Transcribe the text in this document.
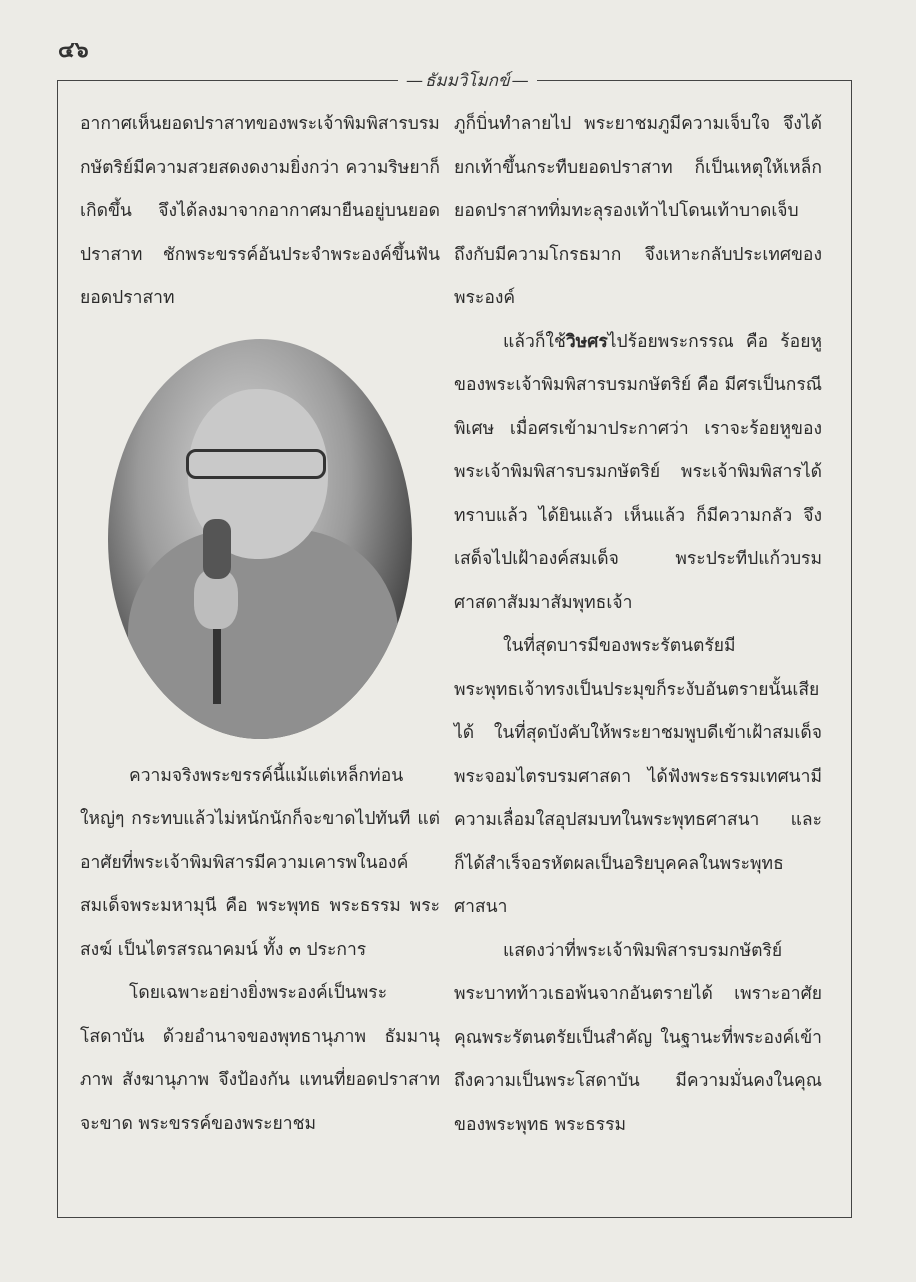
๔๖
— ธัมมวิโมกข์ —

อากาศเห็นยอดปราสาทของพระเจ้าพิมพิสารบรมกษัตริย์มีความสวยสดงดงามยิ่งกว่า ความริษยาก็เกิดขึ้น จึงได้ลงมาจากอากาศมายืนอยู่บนยอดปราสาท ชักพระขรรค์อันประจำพระองค์ขึ้นฟันยอดปราสาท

ความจริงพระขรรค์นี้แม้แต่เหล็กท่อนใหญ่ๆ กระทบแล้วไม่หนักนักก็จะขาดไปทันที แต่อาศัยที่พระเจ้าพิมพิสารมีความเคารพในองค์สมเด็จพระมหามุนี คือ พระพุทธ พระธรรม พระสงฆ์ เป็นไตรสรณาคมน์ ทั้ง ๓ ประการ

โดยเฉพาะอย่างยิ่งพระองค์เป็นพระโสดาบัน ด้วยอำนาจของพุทธานุภาพ ธัมมานุภาพ สังฆานุภาพ จึงป้องกัน แทนที่ยอดปราสาทจะขาด พระขรรค์ของพระยาชม

ภูก็บิ่นทำลายไป พระยาชมภูมีความเจ็บใจ จึงได้ยกเท้าขึ้นกระทืบยอดปราสาท ก็เป็นเหตุให้เหล็กยอดปราสาททิ่มทะลุรองเท้าไปโดนเท้าบาดเจ็บ ถึงกับมีความโกรธมาก จึงเหาะกลับประเทศของพระองค์

แล้วก็ใช้วิษศรไปร้อยพระกรรณ คือ ร้อยหูของพระเจ้าพิมพิสารบรมกษัตริย์ คือ มีศรเป็นกรณีพิเศษ เมื่อศรเข้ามาประกาศว่า เราจะร้อยหูของพระเจ้าพิมพิสารบรมกษัตริย์ พระเจ้าพิมพิสารได้ทราบแล้ว ได้ยินแล้ว เห็นแล้ว ก็มีความกลัว จึงเสด็จไปเฝ้าองค์สมเด็จ พระประทีปแก้วบรมศาสดาสัมมาสัมพุทธเจ้า

ในที่สุดบารมีของพระรัตนตรัยมีพระพุทธเจ้าทรงเป็นประมุขก็ระงับอันตรายนั้นเสียได้ ในที่สุดบังคับให้พระยาชมพูบดีเข้าเฝ้าสมเด็จพระจอมไตรบรมศาสดา ได้ฟังพระธรรมเทศนามีความเลื่อมใสอุปสมบทในพระพุทธศาสนา และก็ได้สำเร็จอรหัตผลเป็นอริยบุคคลในพระพุทธศาสนา

แสดงว่าที่พระเจ้าพิมพิสารบรมกษัตริย์พระบาทท้าวเธอพ้นจากอันตรายได้ เพราะอาศัยคุณพระรัตนตรัยเป็นสำคัญ ในฐานะที่พระองค์เข้าถึงความเป็นพระโสดาบัน มีความมั่นคงในคุณของพระพุทธ พระธรรม
